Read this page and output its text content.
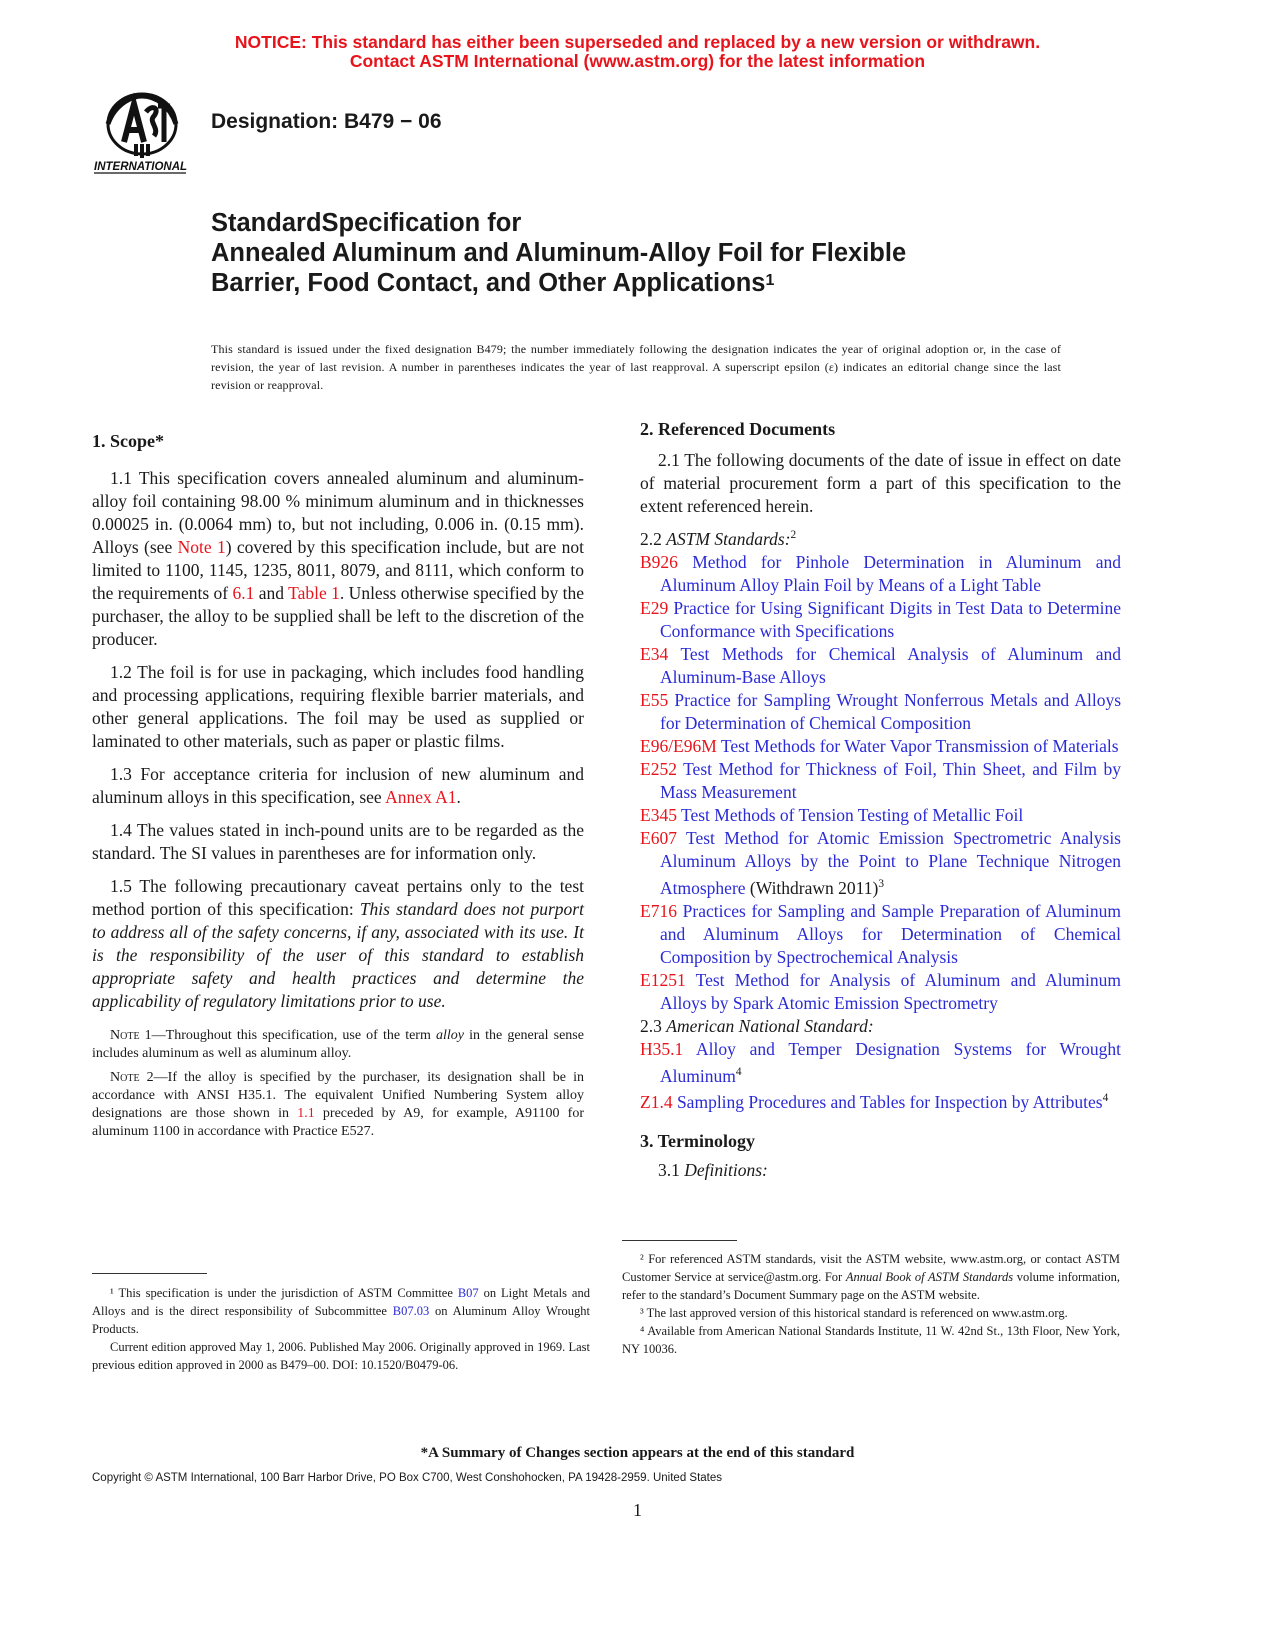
NOTICE: This standard has either been superseded and replaced by a new version or withdrawn.
Contact ASTM International (www.astm.org) for the latest information
INTERNATIONAL
Designation: B479 − 06
StandardSpecification for
Annealed Aluminum and Aluminum-Alloy Foil for Flexible
Barrier, Food Contact, and Other Applications$^1$
This standard is issued under the fixed designation B479; the number immediately following the designation indicates the year of original adoption or, in the case of revision, the year of last revision. A number in parentheses indicates the year of last reapproval. A superscript epsilon (ε) indicates an editorial change since the last revision or reapproval.
1. Scope*

1.1 This specification covers annealed aluminum and aluminum-alloy foil containing 98.00 % minimum aluminum and in thicknesses 0.00025 in. (0.0064 mm) to, but not including, 0.006 in. (0.15 mm). Alloys (see Note 1) covered by this specification include, but are not limited to 1100, 1145, 1235, 8011, 8079, and 8111, which conform to the requirements of 6.1 and Table 1. Unless otherwise specified by the purchaser, the alloy to be supplied shall be left to the discretion of the producer.

1.2 The foil is for use in packaging, which includes food handling and processing applications, requiring flexible barrier materials, and other general applications. The foil may be used as supplied or laminated to other materials, such as paper or plastic films.

1.3 For acceptance criteria for inclusion of new aluminum and aluminum alloys in this specification, see Annex A1.

1.4 The values stated in inch-pound units are to be regarded as the standard. The SI values in parentheses are for information only.

1.5 The following precautionary caveat pertains only to the test method portion of this specification: This standard does not purport to address all of the safety concerns, if any, associated with its use. It is the responsibility of the user of this standard to establish appropriate safety and health practices and determine the applicability of regulatory limitations prior to use.

Note 1—Throughout this specification, use of the term alloy in the general sense includes aluminum as well as aluminum alloy.

Note 2—If the alloy is specified by the purchaser, its designation shall be in accordance with ANSI H35.1. The equivalent Unified Numbering System alloy designations are those shown in 1.1 preceded by A9, for example, A91100 for aluminum 1100 in accordance with Practice E527.

¹ This specification is under the jurisdiction of ASTM Committee B07 on Light Metals and Alloys and is the direct responsibility of Subcommittee B07.03 on Aluminum Alloy Wrought Products.

Current edition approved May 1, 2006. Published May 2006. Originally approved in 1969. Last previous edition approved in 2000 as B479–00. DOI: 10.1520/B0479-06.

2. Referenced Documents

2.1 The following documents of the date of issue in effect on date of material procurement form a part of this specification to the extent referenced herein.

2.2 ASTM Standards:$^2$

B926 Method for Pinhole Determination in Aluminum and Aluminum Alloy Plain Foil by Means of a Light Table

E29 Practice for Using Significant Digits in Test Data to Determine Conformance with Specifications

E34 Test Methods for Chemical Analysis of Aluminum and Aluminum-Base Alloys

E55 Practice for Sampling Wrought Nonferrous Metals and Alloys for Determination of Chemical Composition

E96/E96M Test Methods for Water Vapor Transmission of Materials

E252 Test Method for Thickness of Foil, Thin Sheet, and Film by Mass Measurement

E345 Test Methods of Tension Testing of Metallic Foil

E607 Test Method for Atomic Emission Spectrometric Analysis Aluminum Alloys by the Point to Plane Technique Nitrogen Atmosphere (Withdrawn 2011)$^3$

E716 Practices for Sampling and Sample Preparation of Aluminum and Aluminum Alloys for Determination of Chemical Composition by Spectrochemical Analysis

E1251 Test Method for Analysis of Aluminum and Aluminum Alloys by Spark Atomic Emission Spectrometry

2.3 American National Standard:

H35.1 Alloy and Temper Designation Systems for Wrought Aluminum$^4$

Z1.4 Sampling Procedures and Tables for Inspection by Attributes$^4$

3. Terminology

3.1 Definitions:

² For referenced ASTM standards, visit the ASTM website, www.astm.org, or contact ASTM Customer Service at service@astm.org. For Annual Book of ASTM Standards volume information, refer to the standard’s Document Summary page on the ASTM website.

³ The last approved version of this historical standard is referenced on www.astm.org.

⁴ Available from American National Standards Institute, 11 W. 42nd St., 13th Floor, New York, NY 10036.

*A Summary of Changes section appears at the end of this standard
Copyright © ASTM International, 100 Barr Harbor Drive, PO Box C700, West Conshohocken, PA 19428-2959. United States
1
